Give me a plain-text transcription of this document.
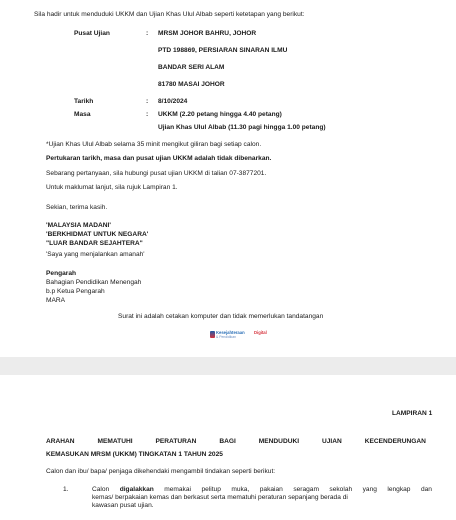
Sila hadir untuk menduduki UKKM dan Ujian Khas Ulul Albab seperti ketetapan yang berikut:
Pusat Ujian	: MRSM JOHOR BAHRU, JOHOR
PTD 198869, PERSIARAN SINARAN ILMU
BANDAR SERI ALAM
81780 MASAI JOHOR
Tarikh	: 8/10/2024
Masa	: UKKM (2.20 petang hingga 4.40 petang)
Ujian Khas Ulul Albab (11.30 pagi hingga 1.00 petang)
*Ujian Khas Ulul Albab selama 35 minit mengikut giliran bagi setiap calon.
Pertukaran tarikh, masa dan pusat ujian UKKM adalah tidak dibenarkan.
Sebarang pertanyaan, sila hubungi pusat ujian UKKM di talian 07-3877201.
Untuk maklumat lanjut, sila rujuk Lampiran 1.
Sekian, terima kasih.
'MALAYSIA MADANI'
'BERKHIDMAT UNTUK NEGARA'
"LUAR BANDAR SEJAHTERA"
'Saya yang menjalankan amanah'
Pengarah
Bahagian Pendidikan Menengah
b.p Ketua Pengarah
MARA
Surat ini adalah cetakan komputer dan tidak memerlukan tandatangan
Kesejahteraan
& Pendidikan
Digital
LAMPIRAN 1
ARAHAN	MEMATUHI	PERATURAN	BAGI	MENDUDUKI	UJIAN	KECENDERUNGAN
KEMASUKAN MRSM (UKKM) TINGKATAN 1 TAHUN 2025
Calon dan ibu/ bapa/ penjaga dikehendaki mengambil tindakan seperti berikut:
1.	Calon digalakkan memakai pelitup muka, pakaian seragam sekolah yang lengkap dan
kemas/ berpakaian kemas dan berkasut serta mematuhi peraturan sepanjang berada di
kawasan pusat ujian.
